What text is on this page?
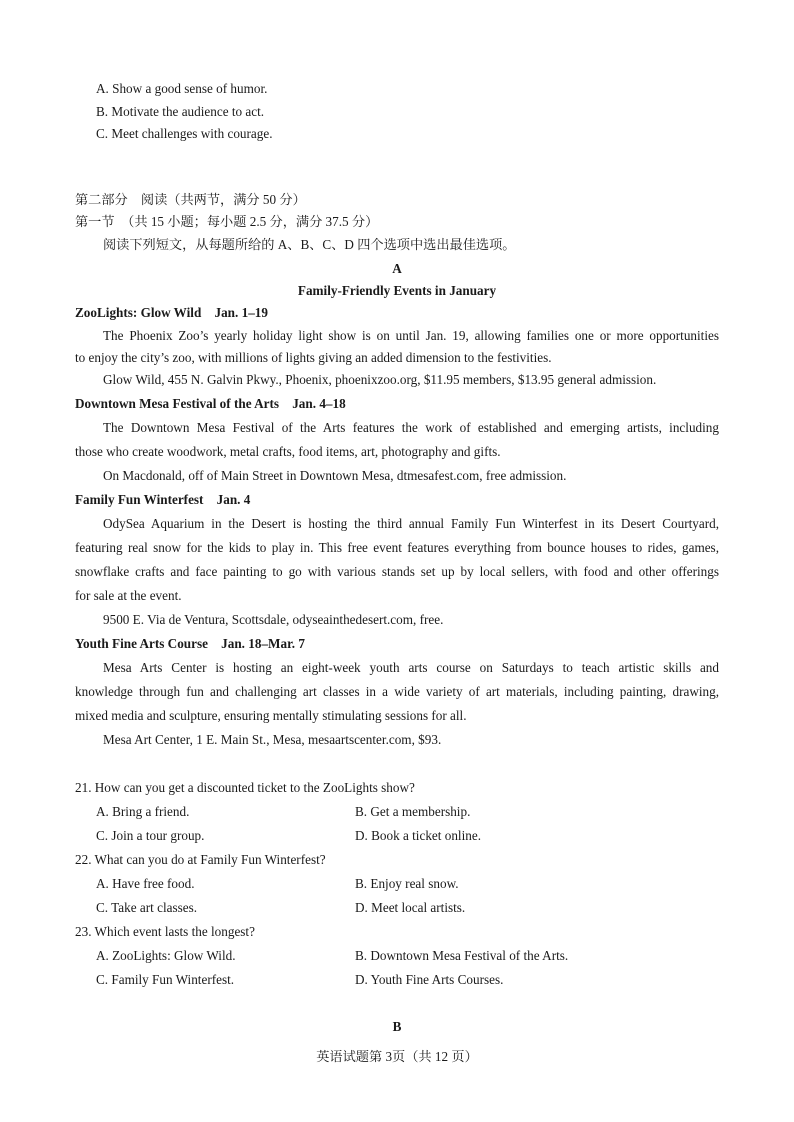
A. Show a good sense of humor.
B. Motivate the audience to act.
C. Meet challenges with courage.
第二部分　阅读（共两节，满分 50 分）
第一节　（共 15 小题；每小题 2.5 分，满分 37.5 分）
阅读下列短文，从每题所给的 A、B、C、D 四个选项中选出最佳选项。
A
Family-Friendly Events in January
ZooLights: Glow Wild　Jan. 1–19
The Phoenix Zoo’s yearly holiday light show is on until Jan. 19, allowing families one or more opportunities
to enjoy the city’s zoo, with millions of lights giving an added dimension to the festivities.
Glow Wild, 455 N. Galvin Pkwy., Phoenix, phoenixzoo.org, $11.95 members, $13.95 general admission.
Downtown Mesa Festival of the Arts　Jan. 4–18
The Downtown Mesa Festival of the Arts features the work of established and emerging artists, including
those who create woodwork, metal crafts, food items, art, photography and gifts.
On Macdonald, off of Main Street in Downtown Mesa, dtmesafest.com, free admission.
Family Fun Winterfest　Jan. 4
OdySea Aquarium in the Desert is hosting the third annual Family Fun Winterfest in its Desert Courtyard,
featuring real snow for the kids to play in. This free event features everything from bounce houses to rides, games,
snowflake crafts and face painting to go with various stands set up by local sellers, with food and other offerings
for sale at the event.
9500 E. Via de Ventura, Scottsdale, odyseainthedesert.com, free.
Youth Fine Arts Course　Jan. 18–Mar. 7
Mesa Arts Center is hosting an eight-week youth arts course on Saturdays to teach artistic skills and
knowledge through fun and challenging art classes in a wide variety of art materials, including painting, drawing,
mixed media and sculpture, ensuring mentally stimulating sessions for all.
Mesa Art Center, 1 E. Main St., Mesa, mesaartscenter.com, $93.
21. How can you get a discounted ticket to the ZooLights show?
A. Bring a friend.	B. Get a membership.
C. Join a tour group.	D. Book a ticket online.
22. What can you do at Family Fun Winterfest?
A. Have free food.	B. Enjoy real snow.
C. Take art classes.	D. Meet local artists.
23. Which event lasts the longest?
A. ZooLights: Glow Wild.	B. Downtown Mesa Festival of the Arts.
C. Family Fun Winterfest.	D. Youth Fine Arts Courses.
B
英语试题第 3页（共 12 页）
